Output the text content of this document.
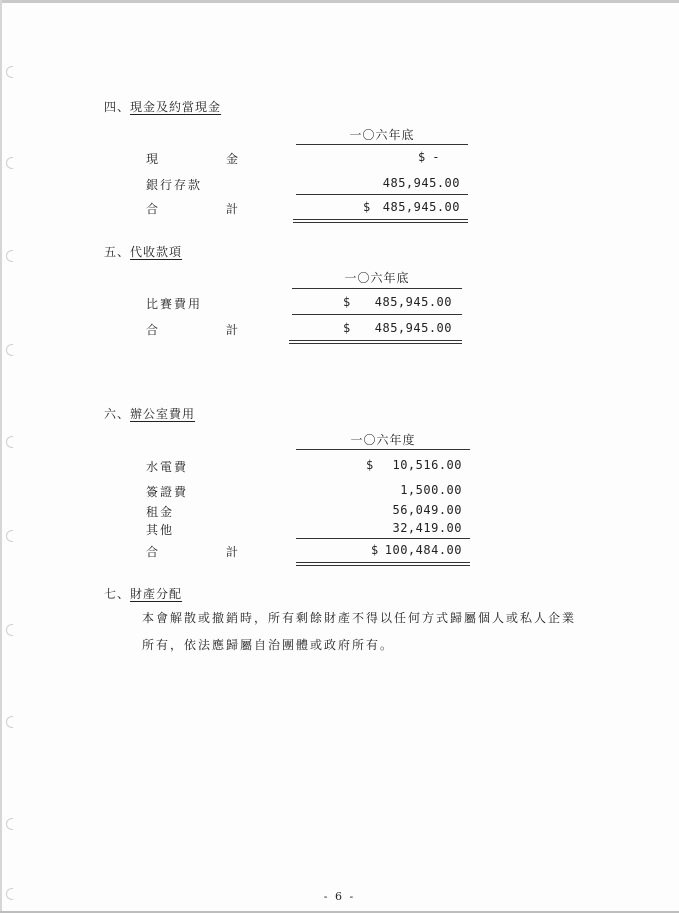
四、現金及約當現金
一〇六年底
現　金	$ -
銀行存款	485,945.00
合　計	$	485,945.00
五、代收款項
一〇六年底
比賽費用	$	485,945.00
合　計	$	485,945.00
六、辦公室費用
一〇六年度
水電費	$	10,516.00
簽證費	1,500.00
租金	56,049.00
其他	32,419.00
合　計	$ 100,484.00
七、財產分配
本會解散或撤銷時，所有剩餘財產不得以任何方式歸屬個人或私人企業
所有，依法應歸屬自治團體或政府所有。
- 6 -
